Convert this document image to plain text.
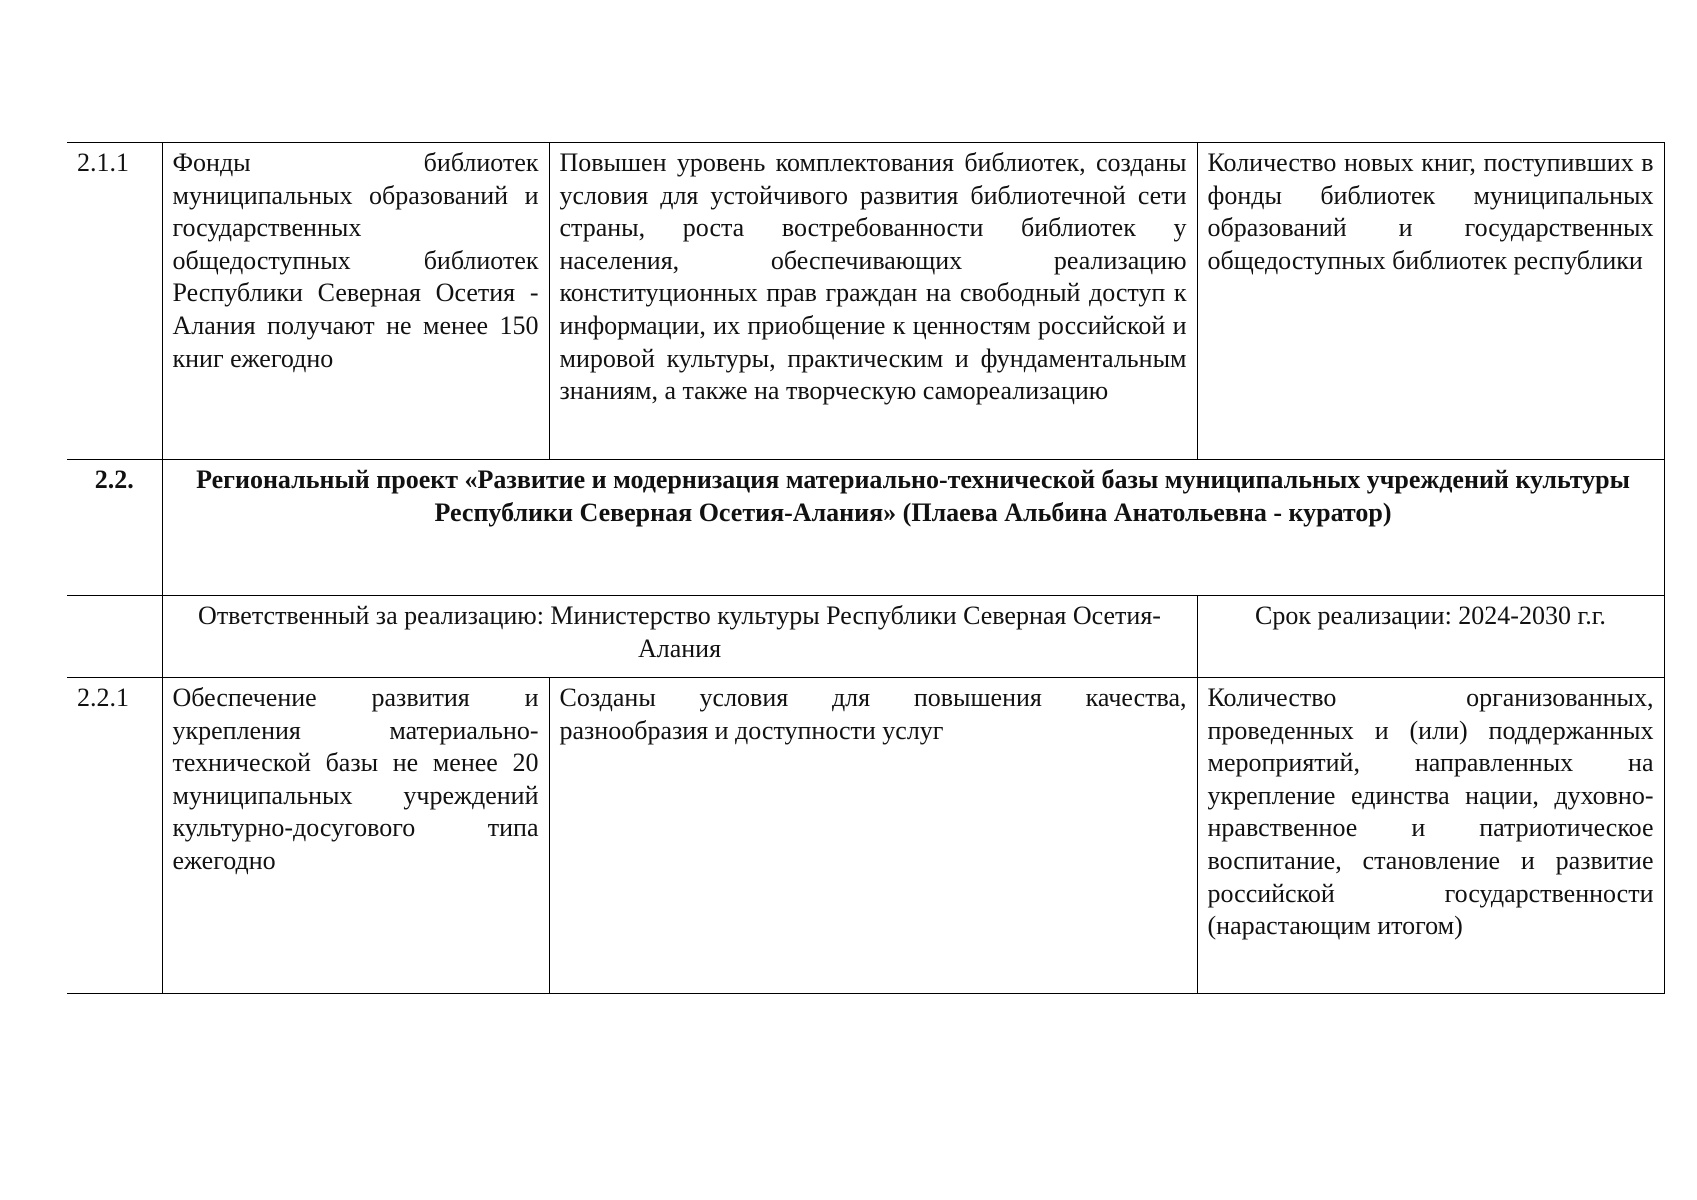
2.1.1	Фонды библиотек муниципальных образований и государственных общедоступных библиотек Республики Северная Осетия - Алания получают не менее 150 книг ежегодно	Повышен уровень комплектования библиотек, созданы условия для устойчивого развития библиотечной сети страны, роста востребованности библиотек у населения, обеспечивающих реализацию конституционных прав граждан на свободный доступ к информации, их приобщение к ценностям российской и мировой культуры, практическим и фундаментальным знаниям, а также на творческую самореализацию	Количество новых книг, поступивших в фонды библиотек муниципальных образований и государственных общедоступных библиотек республики
2.2.	Региональный проект «Развитие и модернизация материально-технической базы муниципальных учреждений культуры Республики Северная Осетия-Алания» (Плаева Альбина Анатольевна - куратор)		
	Ответственный за реализацию: Министерство культуры Республики Северная Осетия-Алания		Срок реализации: 2024-2030 г.г.
2.2.1	Обеспечение развития и укрепления материально-технической базы не менее 20 муниципальных учреждений культурно-досугового типа ежегодно	Созданы условия для повышения качества, разнообразия и доступности услуг	Количество организованных, проведенных и (или) поддержанных мероприятий, направленных на укрепление единства нации, духовно-нравственное и патриотическое воспитание, становление и развитие российской государственности (нарастающим итогом)
